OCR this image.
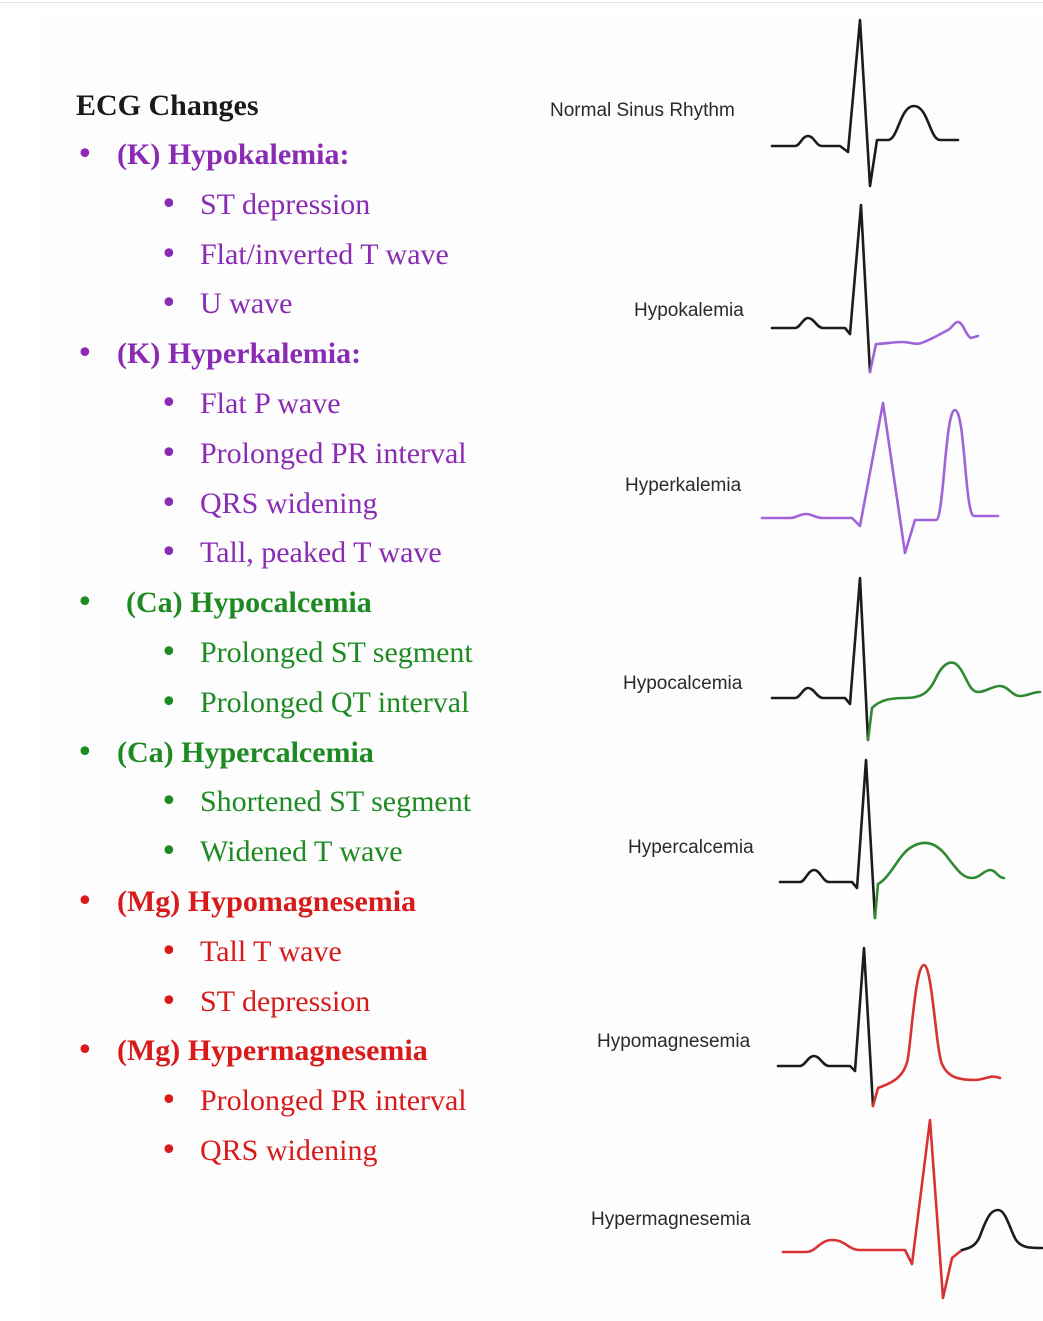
ECG Changes
• (K) Hypokalemia:
• ST depression
• Flat/inverted T wave
• U wave
• (K) Hyperkalemia:
• Flat P wave
• Prolonged PR interval
• QRS widening
• Tall, peaked T wave
• (Ca) Hypocalcemia
• Prolonged ST segment
• Prolonged QT interval
• (Ca) Hypercalcemia
• Shortened ST segment
• Widened T wave
• (Mg) Hypomagnesemia
• Tall T wave
• ST depression
• (Mg) Hypermagnesemia
• Prolonged PR interval
• QRS widening
Normal Sinus Rhythm
Hypokalemia
Hyperkalemia
Hypocalcemia
Hypercalcemia
Hypomagnesemia
Hypermagnesemia
